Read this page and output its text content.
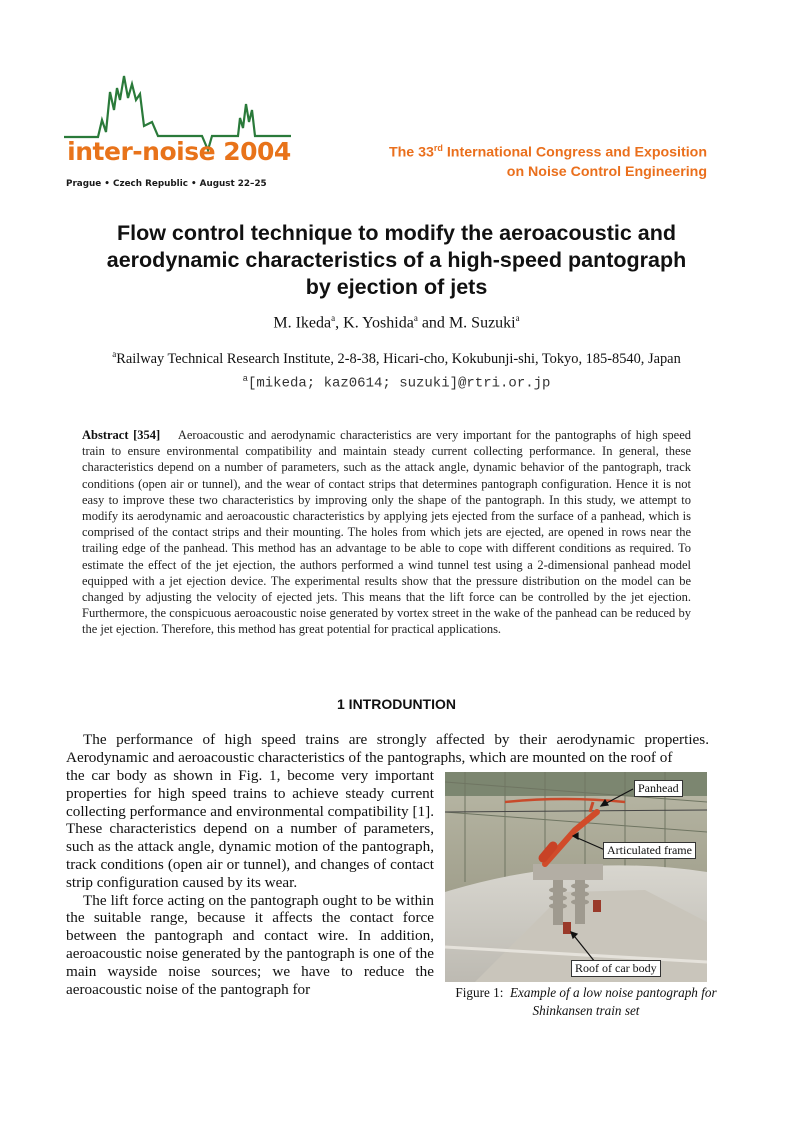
inter-noise 2004
Prague • Czech Republic • August 22–25
The 33rd International Congress and Exposition
on Noise Control Engineering
Flow control technique to modify the aeroacoustic and
aerodynamic characteristics of a high-speed pantograph
by ejection of jets
M. Ikeda$^a$, K. Yoshida$^a$ and M. Suzuki$^a$
$^a$Railway Technical Research Institute, 2-8-38, Hicari-cho, Kokubunji-shi, Tokyo, 185-8540, Japan
$^a$[mikeda; kaz0614; suzuki]@rtri.or.jp
Abstract [354] Aeroacoustic and aerodynamic characteristics are very important for the pantographs of high speed train to ensure environmental compatibility and maintain steady current collecting performance. In general, these characteristics depend on a number of parameters, such as the attack angle, dynamic behavior of the pantograph, track conditions (open air or tunnel), and the wear of contact strips that determines pantograph configuration. Hence it is not easy to improve these two characteristics by improving only the shape of the pantograph. In this study, we attempt to modify its aerodynamic and aeroacoustic characteristics by applying jets ejected from the surface of a panhead, which is comprised of the contact strips and their mounting. The holes from which jets are ejected, are opened in rows near the trailing edge of the panhead. This method has an advantage to be able to cope with different conditions as required. To estimate the effect of the jet ejection, the authors performed a wind tunnel test using a 2-dimensional panhead model equipped with a jet ejection device. The experimental results show that the pressure distribution on the model can be changed by adjusting the velocity of ejected jets. This means that the lift force can be controlled by the jet ejection. Furthermore, the conspicuous aeroacoustic noise generated by vortex street in the wake of the panhead can be reduced by the jet ejection. Therefore, this method has great potential for practical applications.
1 INTRODUNTION

The performance of high speed trains are strongly affected by their aerodynamic properties. Aerodynamic and aeroacoustic characteristics of the pantographs, which are mounted on the roof of

the car body as shown in Fig. 1, become very important properties for high speed trains to achieve steady current collecting performance and environmental compatibility [1]. These characteristics depend on a number of parameters, such as the attack angle, dynamic motion of the pantograph, track conditions (open air or tunnel), and changes of contact strip configuration caused by its wear.

The lift force acting on the pantograph ought to be within the suitable range, because it affects the contact force between the pantograph and contact wire. In addition, aeroacoustic noise generated by the pantograph is one of the main wayside noise sources; we have to reduce the aeroacoustic noise of the pantograph for

Panhead
Articulated frame
Roof of car body
Figure 1: Example of a low noise pantograph for Shinkansen train set
